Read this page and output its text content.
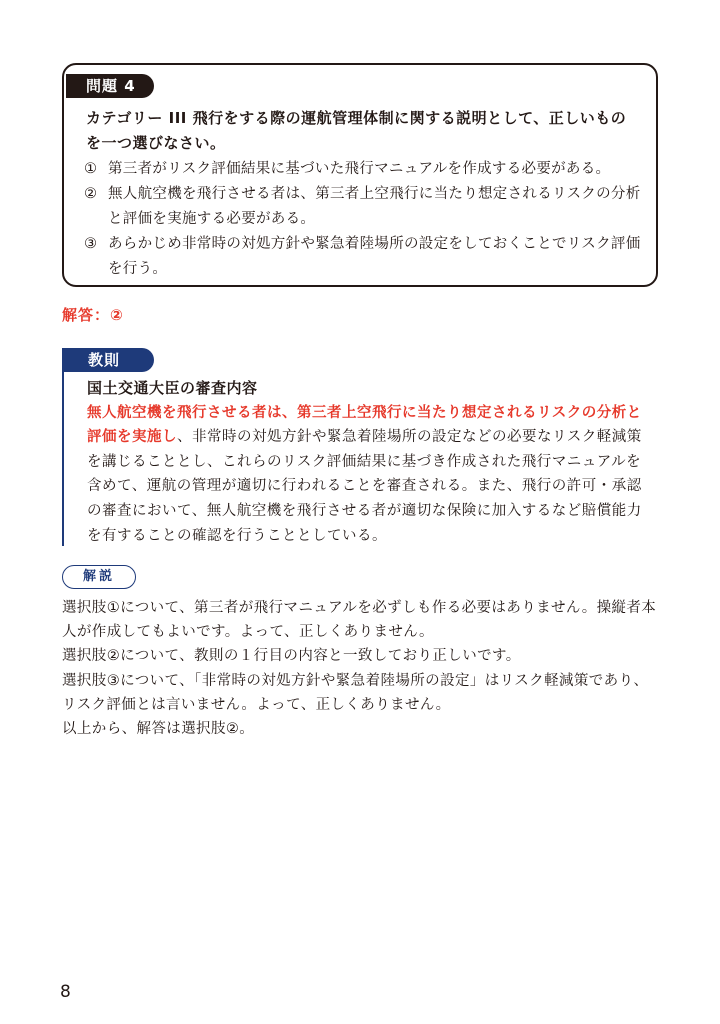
問題 4

カテゴリー III 飛行をする際の運航管理体制に関する説明として、正しいもの

を一つ選びなさい。

① 第三者がリスク評価結果に基づいた飛行マニュアルを作成する必要がある。
② 無人航空機を飛行させる者は、第三者上空飛行に当たり想定されるリスクの分析と評価を実施する必要がある。
③ あらかじめ非常時の対処方針や緊急着陸場所の設定をしておくことでリスク評価を行う。
解答：②
教則
国土交通大臣の審査内容
無人航空機を飛行させる者は、第三者上空飛行に当たり想定されるリスクの分析と評価を実施し、非常時の対処方針や緊急着陸場所の設定などの必要なリスク軽減策を講じることとし、これらのリスク評価結果に基づき作成された飛行マニュアルを含めて、運航の管理が適切に行われることを審査される。また、飛行の許可・承認の審査において、無人航空機を飛行させる者が適切な保険に加入するなど賠償能力を有することの確認を行うこととしている。
解説

選択肢①について、第三者が飛行マニュアルを必ずしも作る必要はありません。操縦者本人が作成してもよいです。よって、正しくありません。

選択肢②について、教則の１行目の内容と一致しており正しいです。

選択肢③について、「非常時の対処方針や緊急着陸場所の設定」はリスク軽減策であり、リスク評価とは言いません。よって、正しくありません。

以上から、解答は選択肢②。

8
